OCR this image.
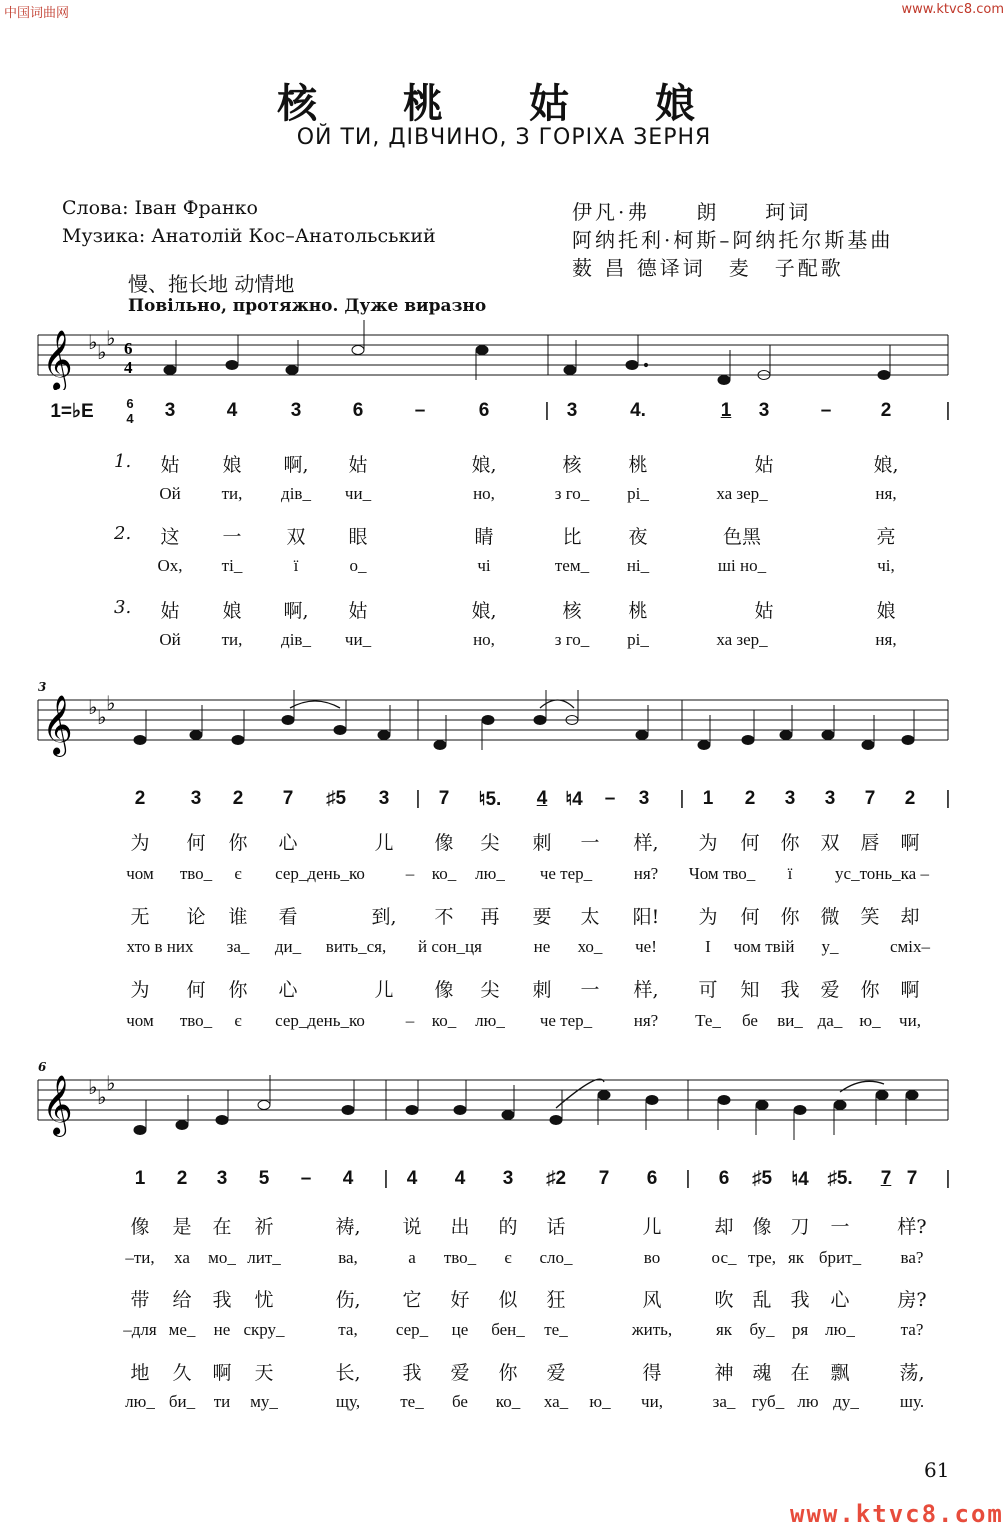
中国词曲网	www.ktvc8.com
核 桃 姑 娘
ОЙ ТИ, ДІВЧИНО, З ГОРІХА ЗЕРНЯ
Слова: Іван Франко
Музика: Анатолій Кос–Анатольський
伊凡·弗　　朗　　珂词
阿纳托利·柯斯–阿纳托尔斯基曲
薮 昌 德译词　麦　子配歌
慢、拖长地 动情地
Повільно, протяжно. Дуже виразно
𝄞 ♭ ♭
♭ 6
4
1=♭E	6
4 3	4	3	6	–	6	| 3	4.	1 3	–	2	|
1. 姑 娘 啊, 姑	娘,	核 桃	姑	娘,
Ой ти, дів_ чи_	но,	з го_ рі_	ха зер_	ня,
2. 这 一 双 眼	睛	比 夜	色黑	亮
Ох, ті_	ї	о_	чі	тем_ ні_	ші но_	чі,
3. 姑 娘 啊, 姑	娘,	核 桃	姑	娘
Ой ти, дів_ чи_	но,	з го_ рі_	ха зер_	ня,
3
𝄞 ♭ ♭
♭
2 3 2 7 ♯5 3 | 7 ♮5. 4 ♮4 – 3 | 1 2 3 3 7 2 |
为 何 你 心	儿 像 尖 刺 一 样, 为 何 你 双 唇 啊
чом тво_ є сер_день_ко – ко_ лю_ че тер_ ня? Чом тво_ ї	ус_тонь_ка –
无 论 谁 看	到, 不 再 要 太 阳! 为 何 你 微 笑 却
хто в них за_ ди_ вить_ся, й сон_ця	не хо_ че!	І чом твій у_	сміх–
为 何 你 心	儿 像 尖 刺 一 样, 可 知 我 爱 你 啊
чом тво_ є сер_день_ко – ко_ лю_ че тер_ ня? Те_ бе ви_ да_ ю_ чи,
6
𝄞 ♭ ♭
♭
1 2 3 5 – 4 | 4 4 3 ♯2 7 6 | 6 ♯5 ♮4 ♯5. 7 7 |
像 是 在 祈	祷, 说 出 的 话	儿	却 像 刀 一	样?
–ти, ха мо_ лит_	ва,	а тво_ є сло_	во	ос_ тре, як брит_ ва?
带 给 我 忧	伤, 它 好 似 狂	风	吹 乱 我 心	房?
–для ме_ не скру_	та, сер_ це бен_ те_	жить,	як бу_ ря лю_	та?
地 久 啊 天	长, 我 爱 你 爱	得	神 魂 在 飘	荡,
лю_ би_ ти му_	щу, те_ бе ко_ ха_ ю_ чи,	за_ губ_ лю ду_ шу.
61
www.ktvc8.com
